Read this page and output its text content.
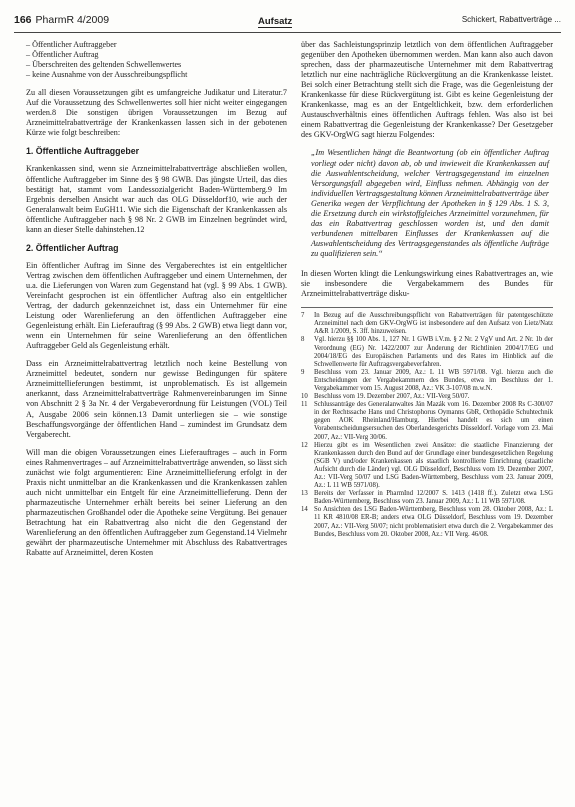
166 PharmR 4/2009	Aufsatz	Schickert, Rabattverträge ...
– Öffentlicher Auftraggeber
– Öffentlicher Auftrag
– Überschreiten des geltenden Schwellenwertes
– keine Ausnahme von der Ausschreibungspflicht

Zu all diesen Voraussetzungen gibt es umfangreiche Judikatur und Literatur.7 Auf die Voraussetzung des Schwellenwertes soll hier nicht weiter eingegangen werden.8 Die sonstigen übrigen Voraussetzungen im Bezug auf Arzneimittelrabattverträge der Krankenkassen lassen sich in der gebotenen Kürze wie folgt beschreiben:

1. Öffentliche Auftraggeber

Krankenkassen sind, wenn sie Arzneimittelrabattverträge abschließen wollen, öffentliche Auftraggeber im Sinne des § 98 GWB. Das jüngste Urteil, das dies bestätigt hat, stammt vom Landessozialgericht Baden-Württemberg.9 Im Ergebnis derselben Ansicht war auch das OLG Düsseldorf10, wie auch der Generalanwalt beim EuGH11. Wie sich die Eigenschaft der Krankenkassen als öffentliche Auftraggeber nach § 98 Nr. 2 GWB im Einzelnen begründet wird, kann an dieser Stelle dahinstehen.12

2. Öffentlicher Auftrag

Ein öffentlicher Auftrag im Sinne des Vergaberechtes ist ein entgeltlicher Vertrag zwischen dem öffentlichen Auftraggeber und einem Unternehmen, der u.a. die Lieferungen von Waren zum Gegenstand hat (vgl. § 99 Abs. 1 GWB). Vereinfacht gesprochen ist ein öffentlicher Auftrag also ein entgeltlicher Vertrag, der dadurch gekennzeichnet ist, dass ein Unternehmer für eine Leistung oder Warenlieferung an den öffentlichen Auftraggeber eine Gegenleistung erhält. Ein Lieferauftrag (§ 99 Abs. 2 GWB) etwa liegt dann vor, wenn ein Unternehmen für seine Warenlieferung an den öffentlichen Auftraggeber Geld als Gegenleistung erhält.

Dass ein Arzneimittelrabattvertrag letztlich noch keine Bestellung von Arzneimittel bedeutet, sondern nur gewisse Bedingungen für spätere Arzneimittellieferungen bestimmt, ist unproblematisch. Es ist allgemein anerkannt, dass Arzneimittelrabattverträge Rahmenvereinbarungen im Sinne von Abschnitt 2 § 3a Nr. 4 der Vergabeverordnung für Leistungen (VOL) Teil A, Ausgabe 2006 sein können.13 Damit unterliegen sie – wie sonstige Beschaffungsvorgänge der öffentlichen Hand – zumindest im Grundsatz dem Vergaberecht.

Will man die obigen Voraussetzungen eines Lieferauftrages – auch in Form eines Rahmenvertrages – auf Arzneimittelrabattverträge anwenden, so lässt sich zunächst wie folgt argumentieren: Eine Arzneimittellieferung erfolgt in der Praxis nicht unmittelbar an die Krankenkassen und die Krankenkassen zahlen auch nicht unmittelbar ein Entgelt für eine Arzneimittellieferung. Denn der pharmazeutische Unternehmer erhält bereits bei seiner Lieferung an den pharmazeutischen Großhandel oder die Apotheke seine Vergütung. Bei genauer Betrachtung hat ein Rabattvertrag also nicht die den Gegenstand der Warenlieferung an den öffentlichen Auftraggeber zum Gegenstand.14 Vielmehr gewährt der pharmazeutische Unternehmer mit Abschluss des Rabattvertrages Rabatte auf Arzneimittel, deren Kosten

über das Sachleistungsprinzip letztlich von dem öffentlichen Auftraggeber gegenüber den Apotheken übernommen werden. Man kann also auch davon sprechen, dass der pharmazeutische Unternehmer mit dem Rabattvertrag letztlich nur eine nachträgliche Rückvergütung an die Krankenkasse leistet. Bei solch einer Betrachtung stellt sich die Frage, was die Gegenleistung der Krankenkasse für diese Rückvergütung ist. Gibt es keine Gegenleistung der Krankenkasse, mag es an der Entgeltlichkeit, bzw. dem erforderlichen Austauschverhältnis eines öffentlichen Auftrags fehlen. Was also ist bei einem Rabattvertrag die Gegenleistung der Krankenkasse? Der Gesetzgeber des GKV-OrgWG sagt hierzu Folgendes:

„Im Wesentlichen hängt die Beantwortung (ob ein öffentlicher Auftrag vorliegt oder nicht) davon ab, ob und inwieweit die Krankenkassen auf die Auswahlentscheidung, welcher Vertragsgegenstand im einzelnen Versorgungsfall abgegeben wird, Einfluss nehmen. Abhängig von der individuellen Vertragsgestaltung können Arzneimittelrabattverträge über Generika wegen der Verpflichtung der Apotheken in § 129 Abs. 1 S. 3, die Ersetzung durch ein wirkstoffgleiches Arzneimittel vorzunehmen, für das ein Rabattvertrag geschlossen worden ist, und den damit verbundenen mittelbaren Einflusses der Krankenkassen auf die Auswahlentscheidung des Vertragsgegenstandes als öffentliche Aufträge zu qualifizieren sein.“

In diesen Worten klingt die Lenkungswirkung eines Rabattvertrages an, wie sie insbesondere die Vergabekammern des Bundes für Arzneimittelrabattverträge disku-

7	In Bezug auf die Ausschreibungspflicht von Rabattverträgen für patentgeschützte Arzneimittel nach dem GKV-OrgWG ist insbesondere auf den Aufsatz von Lietz/Natz A&R 1/2009, S. 3ff. hinzuweisen.
8	Vgl. hierzu §§ 100 Abs. 1, 127 Nr. 1 GWB i.V.m. § 2 Nr. 2 VgV und Art. 2 Nr. 1b der Verordnung (EG) Nr. 1422/2007 zur Änderung der Richtlinien 2004/17/EG und 2004/18/EG des Europäischen Parlaments und des Rates im Hinblick auf die Schwellenwerte für Auftragsvergabeverfahren.
9	Beschluss vom 23. Januar 2009, Az.: L 11 WB 5971/08. Vgl. hierzu auch die Entscheidungen der Vergabekammern des Bundes, etwa im Beschluss der 1. Vergabekammer vom 15. August 2008, Az.: VK 3-107/08 m.w.N.
10 Beschluss vom 19. Dezember 2007, Az.: VII-Verg 50/07.
11 Schlussanträge des Generalanwaltes Ján Mazák vom 16. Dezember 2008 Rs C-300/07 in der Rechtssache Hans und Christophorus Oymanns GbR, Orthopädie Schuhtechnik gegen AOK Rheinland/Hamburg. Hierbei handelt es sich um einen Vorabentscheidungsersuchen des Oberlandesgerichts Düsseldorf. Vorlage vom 23. Mai 2007, Az.: VII-Verg 30/06.
12 Hierzu gibt es im Wesentlichen zwei Ansätze: die staatliche Finanzierung der Krankenkassen durch den Bund auf der Grundlage einer bundesgesetzlichen Regelung (SGB V) und/oder Krankenkassen als staatlich kontrollierte Einrichtung (staatliche Aufsicht durch die Länder) vgl. OLG Düsseldorf, Beschluss vom 19. Dezember 2007, Az.: VII-Verg 50/07 und LSG Baden-Württemberg, Beschluss vom 23. Januar 2009, Az.: L 11 WB 5971/08).
13 Bereits der Verfasser in PharmInd 12/2007 S. 1413 (1418 ff.). Zuletzt etwa LSG Baden-Württemberg, Beschluss vom 23. Januar 2009, Az.: L 11 WB 5971/08.
14 So Ansichten des LSG Baden-Württemberg, Beschluss vom 28. Oktober 2008, Az.: L 11 KR 4810/08 ER-B; anders etwa OLG Düsseldorf, Beschluss vom 19. Dezember 2007, Az.: VII-Verg 50/07; nicht problematisiert etwa durch die 2. Vergabekammer des Bundes, Beschluss vom 20. Oktober 2008, Az.: VII Verg. 46/08.
